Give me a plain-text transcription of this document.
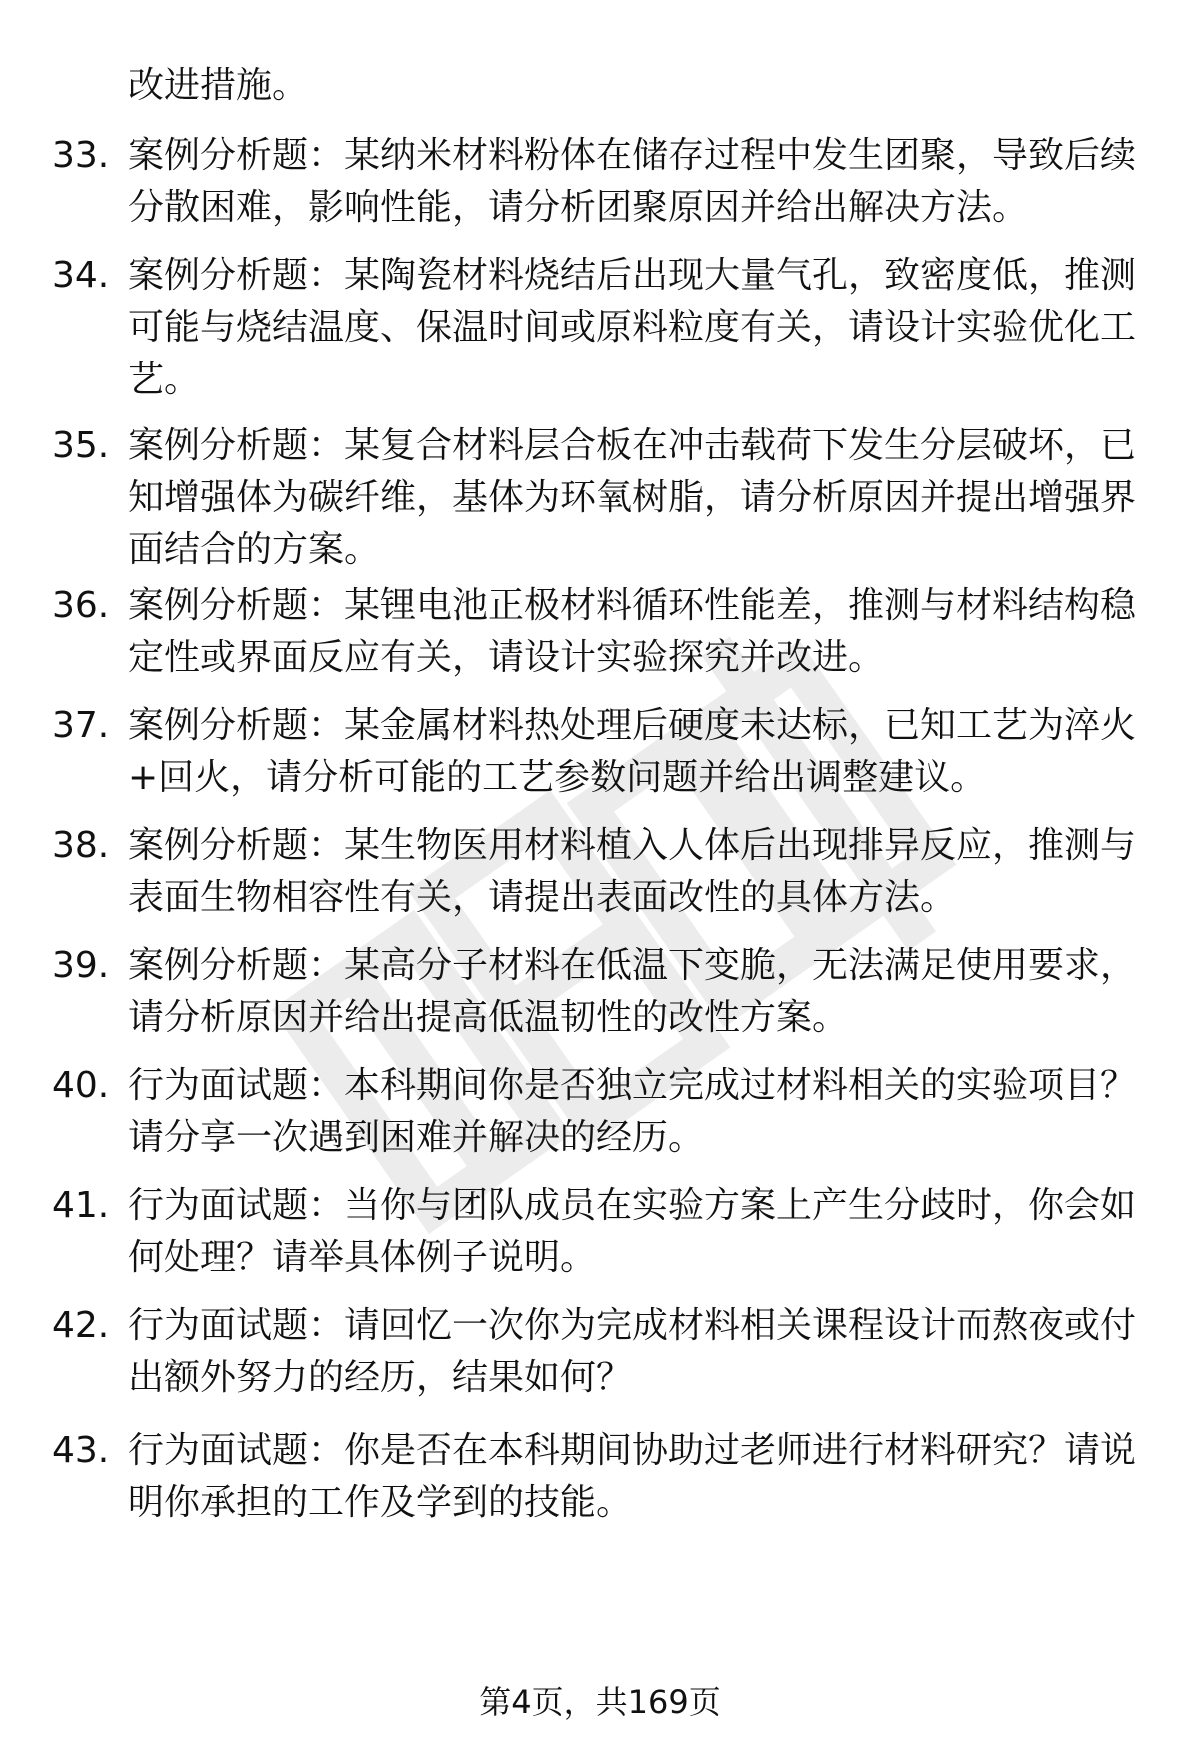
改进措施。
33. 案例分析题：某纳米材料粉体在储存过程中发生团聚，导致后续分散困难，影响性能，请分析团聚原因并给出解决方法。
34. 案例分析题：某陶瓷材料烧结后出现大量气孔，致密度低，推测可能与烧结温度、保温时间或原料粒度有关，请设计实验优化工艺。
35. 案例分析题：某复合材料层合板在冲击载荷下发生分层破坏，已知增强体为碳纤维，基体为环氧树脂，请分析原因并提出增强界面结合的方案。
36. 案例分析题：某锂电池正极材料循环性能差，推测与材料结构稳定性或界面反应有关，请设计实验探究并改进。
37. 案例分析题：某金属材料热处理后硬度未达标，已知工艺为淬火+回火，请分析可能的工艺参数问题并给出调整建议。
38. 案例分析题：某生物医用材料植入人体后出现排异反应，推测与表面生物相容性有关，请提出表面改性的具体方法。
39. 案例分析题：某高分子材料在低温下变脆，无法满足使用要求，请分析原因并给出提高低温韧性的改性方案。
40. 行为面试题：本科期间你是否独立完成过材料相关的实验项目？请分享一次遇到困难并解决的经历。
41. 行为面试题：当你与团队成员在实验方案上产生分歧时，你会如何处理？请举具体例子说明。
42. 行为面试题：请回忆一次你为完成材料相关课程设计而熬夜或付出额外努力的经历，结果如何？
43. 行为面试题：你是否在本科期间协助过老师进行材料研究？请说明你承担的工作及学到的技能。
第4页，共169页
